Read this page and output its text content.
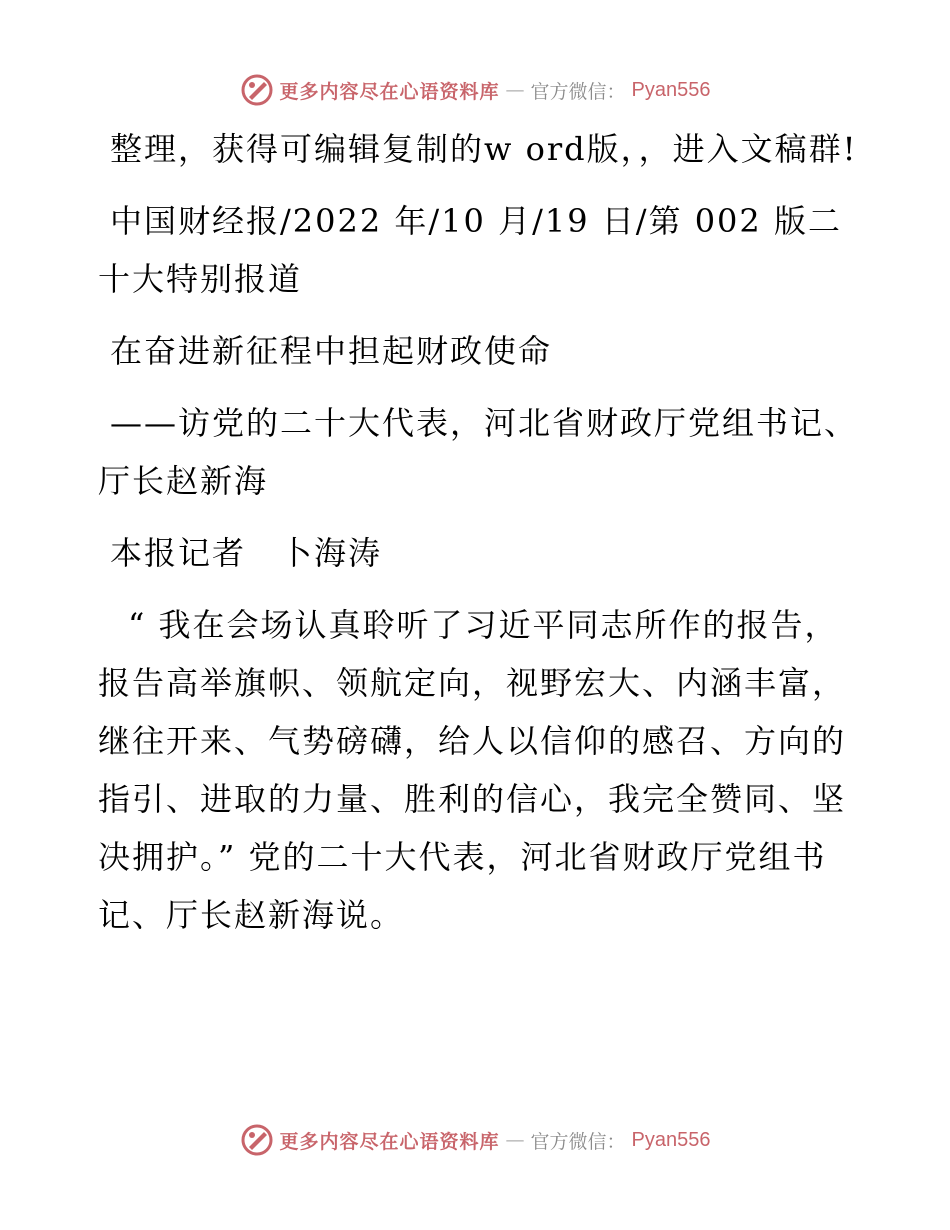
更多内容尽在心语资料库 — 官方微信： Pyan556

整理，获得可编辑复制的w ord版，，进入文稿群!

中国财经报/2022 年/10 月/19 日/第 002 版二十大特别报道

在奋进新征程中担起财政使命

——访党的二十大代表，河北省财政厅党组书记、厅长赵新海

本报记者　卜海涛

“ 我在会场认真聆听了习近平同志所作的报告，报告高举旗帜、领航定向，视野宏大、内涵丰富，继往开来、气势磅礴，给人以信仰的感召、方向的指引、进取的力量、胜利的信心，我完全赞同、坚决拥护。” 党的二十大代表，河北省财政厅党组书记、厅长赵新海说。

更多内容尽在心语资料库 — 官方微信： Pyan556
